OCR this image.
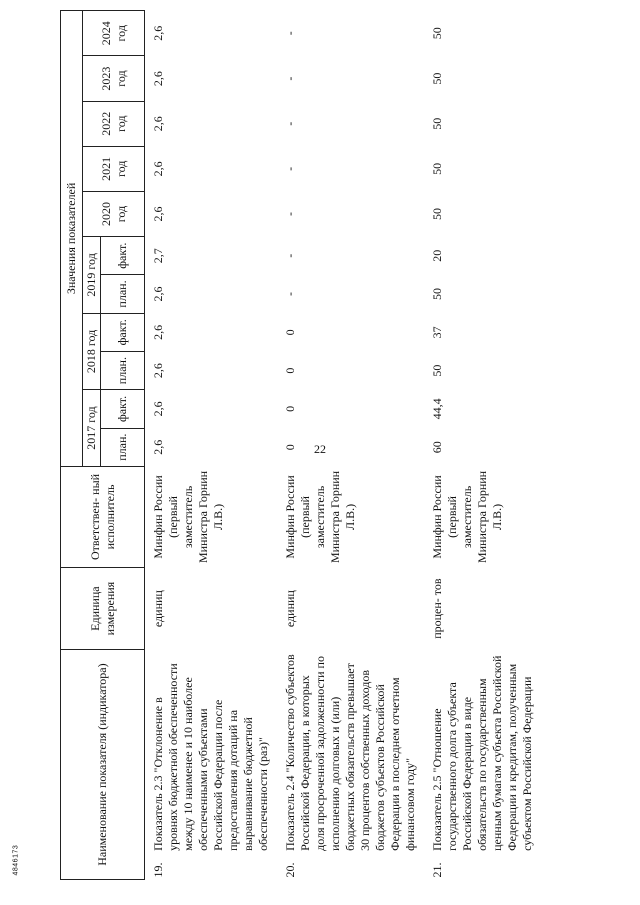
22
4846173	Наименование показателя (индикатора)		Единица измерения	Ответствен- ный исполнитель	Значения показателей										
				2017 год		2018 год		2019 год		2020 год	2021 год	2022 год	2023 год	2024 год
				план.	факт.	план.	факт.	план.	факт.					
19.	Показатель 2.3 "Отклонение в уровнях бюджетной обеспеченности между 10 наименее и 10 наиболее обеспеченными субъектами Российской Федерации после предоставления дотаций на выравнивание бюджетной обеспеченности (раз)"	единиц	Минфин России (первый заместитель Министра Горнин Л.В.)	2,6	2,6	2,6	2,6	2,6	2,7	2,6	2,6	2,6	2,6	2,6
20.	Показатель 2.4 "Количество субъектов Российской Федерации, в которых доля просроченной задолженности по исполнению долговых и (или) бюджетных обязательств превышает 30 процентов собственных доходов бюджетов субъектов Российской Федерации в последнем отчетном финансовом году"	единиц	Минфин России (первый заместитель Министра Горнин Л.В.)	0	0	0	0	-	-	-	-	-	-	-
21.	Показатель 2.5 "Отношение государственного долга субъекта Российской Федерации в виде обязательств по государственным ценным бумагам субъекта Российской Федерации и кредитам, полученным субъектом Российской Федерации	процен- тов	Минфин России (первый заместитель Министра Горнин Л.В.)	60	44,4	50	37	50	20	50	50	50	50	50
